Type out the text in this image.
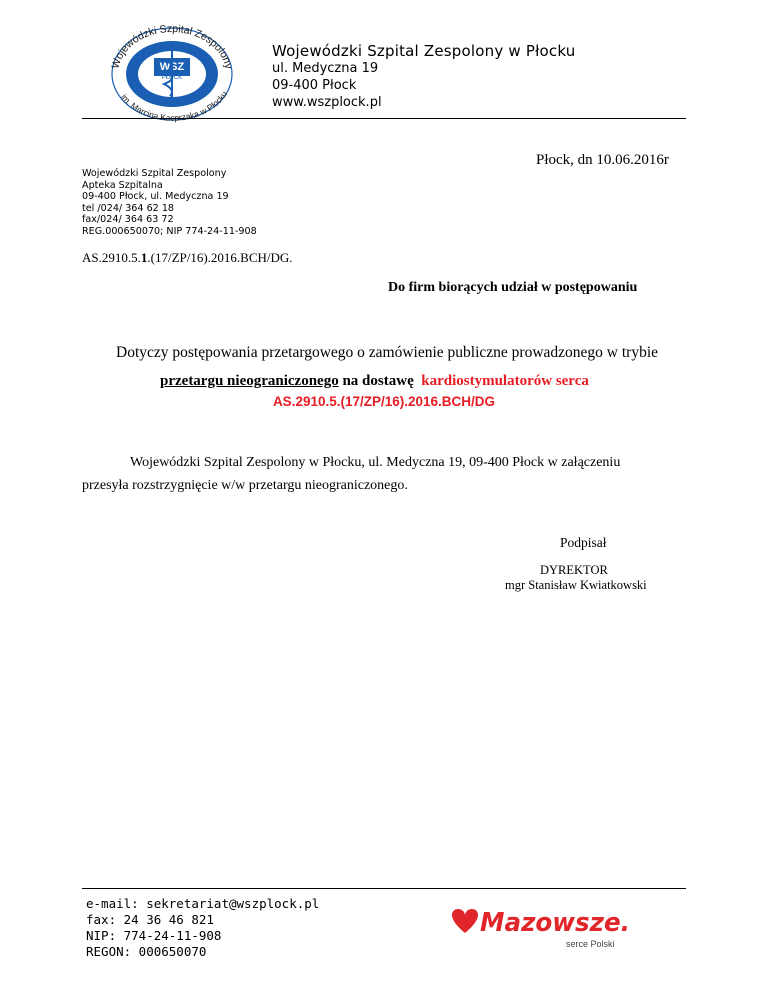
WSZ
PŁOCK
Wojewódzki Szpital Zespolony
im. Marcina Kacprzaka w Płocku
Wojewódzki Szpital Zespolony w Płocku
ul. Medyczna 19
09-400 Płock
www.wszplock.pl
Płock, dn 10.06.2016r
Wojewódzki Szpital Zespolony
Apteka Szpitalna
09-400 Płock, ul. Medyczna 19
tel /024/ 364 62 18
fax/024/ 364 63 72
REG.000650070; NIP 774-24-11-908
AS.2910.5.1.(17/ZP/16).2016.BCH/DG.
Do firm biorących udział w postępowaniu
Dotyczy postępowania przetargowego o zamówienie publiczne prowadzonego w trybie
przetargu nieograniczonego na dostawę  kardiostymulatorów serca
AS.2910.5.(17/ZP/16).2016.BCH/DG
Wojewódzki Szpital Zespolony w Płocku, ul. Medyczna 19, 09-400 Płock w załączeniu
przesyła rozstrzygnięcie w/w przetargu nieograniczonego.
Podpisał
DYREKTOR
mgr Stanisław Kwiatkowski
e-mail: sekretariat@wszplock.pl
fax: 24 36 46 821
NIP: 774-24-11-908
REGON: 000650070
Mazowsze.
serce Polski
